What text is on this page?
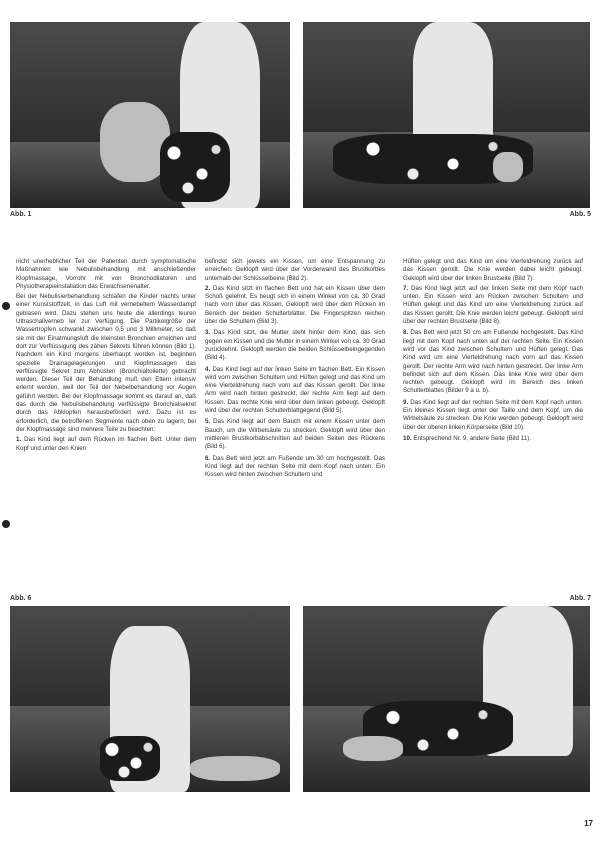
Abb. 1	Abb. 5

nicht unerheblicher Teil der Patienten durch symptomatische Maßnahmen wie Nebulisbehandlung mit anschließender Klopfmassage, Vorrohr mit von Bronchodilatoren und Physiotherapieinstallation das Erwachsenenalter.

Bei der Nebulisierbehandlung schlafen die Kinder nachts unter einer Kunststoffzelt, in das Luft mit vernebeltem Wasserdampf geblasen wird. Dazu stehen uns heute die allerdings teuren Ultraschallverneb ler zur Verfügung. Die Partikelgröße der Wassertropfen schwankt zwischen 0,5 und 3 Millimeter, so daß sie mit der Einatmungsluft die kleinsten Bronchien erreichen und dort zur Verflüssigung des zähen Sekrets führen können (Bild 1). Nachdem ein Kind morgens überhaupt worden ist, beginnen spezielle Drainagelagerungen und Klopfmassagen das verflüssigte Sekret zum Abhusten (Bronchialtoilette) gebracht werden. Dieser Teil der Behandlung muß den Eltern intensiv erlernt werden, weil der Teil der Nebelbehandlung vor Augen geführt werden. Bei der Klopfmassage kommt es darauf an, daß das durch die Nebulisbehandlung verflüssigte Bronchialsekret durch das Abklopfen herausbefördert wird. Dazu ist es erforderlich, die betroffenen Segmente nach oben zu lagern, bei der Klopfmassage sind mehrere Teile zu beachten:

1. Das Kind liegt auf dem Rücken im flachen Bett. Unter dem Kopf und unter den Knien

befindet sich jeweils ein Kissen, um eine Entspannung zu erreichen. Geklopft wird über der Vorderwand des Brustkorbes unterhalb der Schlüsselbeine (Bild 2).

2. Das Kind sitzt im flachen Bett und hat ein Kissen über dem Schoß gelehnt. Es beugt sich in einem Winkel von ca. 30 Grad nach vorn über das Kissen. Geklopft wird über dem Rücken im Bereich der beiden Schulterblätter. Die Fingerspitzen reichen über die Schultern (Bild 3).
3. Das Kind sitzt, die Mutter steht hinter dem Kind, das sich gegen ein Kissen und die Mutter in einem Winkel von ca. 30 Grad zurücklehnt. Geklopft werden die beiden Schlüsselbeingegenden (Bild 4).
4. Das Kind liegt auf der linken Seite im flachen Bett. Ein Kissen wird vorn zwischen Schultern und Hüften gelegt und das Kind um eine Vierteldrehung nach vorn auf das Kissen gerollt. Der linke Arm wird nach hinten gestreckt, der rechte Arm liegt auf dem Kissen. Das rechte Knie wird über dem linken gebeugt. Geklopft wird über der rechten Schulterblattgegend (Bild 5).
5. Das Kind liegt auf dem Bauch mit einem Kissen unter dem Bauch, um die Wirbelsäule zu strecken. Geklopft wird über den mittleren Brustkorbabschnitten auf beiden Seiten des Rückens (Bild 6).
6. Das Bett wird jetzt am Fußende um 30 cm hochgestellt. Das Kind liegt auf der rechten Seite mit dem Kopf nach unten. Ein Kissen wird hinten zwischen Schultern und

Hüften gelegt und das Kind um eine Vierteldrehung zurück auf das Kissen gerollt. Die Knie werden dabei leicht gebeugt. Geklopft wird über der linken Brustseite (Bild 7).

7. Das Kind liegt jetzt auf der linken Seite mit dem Kopf nach unten. Ein Kissen wird am Rücken zwischen Schultern und Hüften gelegt und das Kind um eine Vierteldrehung zurück auf das Kissen gerollt. Die Knie werden leicht gebeugt. Geklopft wird über der rechten Brustseite (Bild 8).
8. Das Bett wird jetzt 50 cm am Fußende hochgestellt. Das Kind liegt mit dem Kopf nach unten auf der rechten Seite. Ein Kissen wird vor das Kind zwischen Schultern und Hüften gelegt. Das Kind wird um eine Vierteldrehung nach vorn auf das Kissen gerollt. Der rechte Arm wird nach hinten gestreckt. Der linke Arm befindet sich auf dem Kissen. Das linke Knie wird über dem rechten gebeugt. Geklopft wird im Bereich des linken Schulterblattes (Bilder 9 a u. b).
9. Das Kind liegt auf der rechten Seite mit dem Kopf nach unten. Ein kleines Kissen liegt unter der Taille und dem Kopf, um die Wirbelsäule zu strecken. Die Knie werden gebeugt. Geklopft wird über der oberen linken Körperseite (Bild 10).
10. Entsprechend Nr. 9, andere Seite (Bild 11).
Abb. 6	Abb. 7
17
